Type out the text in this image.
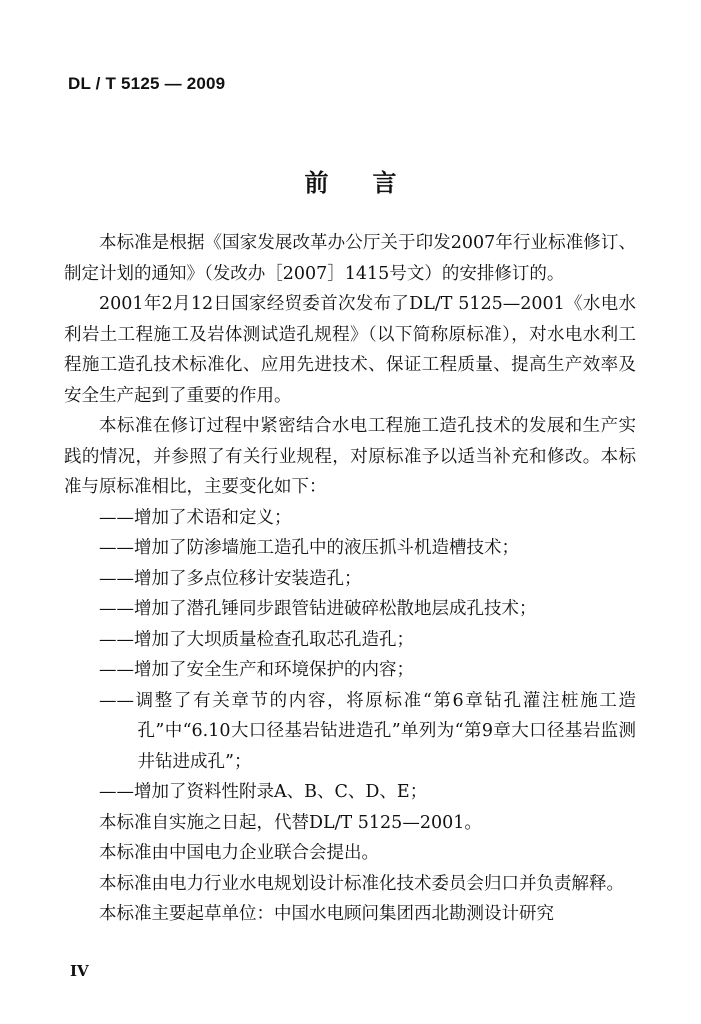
DL / T 5125 — 2009
前言

本标准是根据《国家发展改革办公厅关于印发2007年行业标准修订、制定计划的通知》（发改办［2007］1415号文）的安排修订的。

2001年2月12日国家经贸委首次发布了DL/T 5125—2001《水电水利岩土工程施工及岩体测试造孔规程》（以下简称原标准），对水电水利工程施工造孔技术标准化、应用先进技术、保证工程质量、提高生产效率及安全生产起到了重要的作用。

本标准在修订过程中紧密结合水电工程施工造孔技术的发展和生产实践的情况，并参照了有关行业规程，对原标准予以适当补充和修改。本标准与原标准相比，主要变化如下：

——增加了术语和定义；

——增加了防渗墙施工造孔中的液压抓斗机造槽技术；

——增加了多点位移计安装造孔；

——增加了潜孔锤同步跟管钻进破碎松散地层成孔技术；

——增加了大坝质量检查孔取芯孔造孔；

——增加了安全生产和环境保护的内容；

——调整了有关章节的内容，将原标准“第6章钻孔灌注桩施工造孔”中“6.10大口径基岩钻进造孔”单列为“第9章大口径基岩监测井钻进成孔”；

——增加了资料性附录A、B、C、D、E；

本标准自实施之日起，代替DL/T 5125—2001。

本标准由中国电力企业联合会提出。

本标准由电力行业水电规划设计标准化技术委员会归口并负责解释。

本标准主要起草单位：中国水电顾问集团西北勘测设计研究

IV
